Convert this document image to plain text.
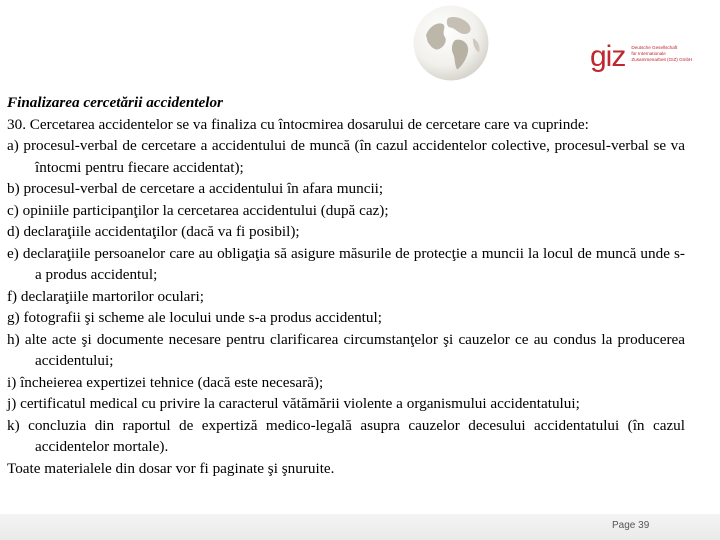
giz Deutsche Gesellschaft
für Internationale
Zusammenarbeit (GIZ) GmbH
Finalizarea cercetării accidentelor
30. Cercetarea accidentelor se va finaliza cu întocmirea dosarului de cercetare care va cuprinde:
a) procesul-verbal de cercetare a accidentului de muncă (în cazul accidentelor colective, procesul-verbal se va întocmi pentru fiecare accidentat);
b) procesul-verbal de cercetare a accidentului în afara muncii;
c) opiniile participanţilor la cercetarea accidentului (după caz);
d) declaraţiile accidentaţilor (dacă va fi posibil);
e) declaraţiile persoanelor care au obligaţia să asigure măsurile de protecţie a muncii la locul de muncă unde s-a produs accidentul;
f) declaraţiile martorilor oculari;
g) fotografii şi scheme ale locului unde s-a produs accidentul;
h) alte acte şi documente necesare pentru clarificarea circumstanţelor şi cauzelor ce au condus la producerea accidentului;
i) încheierea expertizei tehnice (dacă este necesară);
j) certificatul medical cu privire la caracterul vătămării violente a organismului accidentatului;
k) concluzia din raportul de expertiză medico-legală asupra cauzelor decesului accidentatului (în cazul accidentelor mortale).
Toate materialele din dosar vor fi paginate şi şnuruite.
Page 39
